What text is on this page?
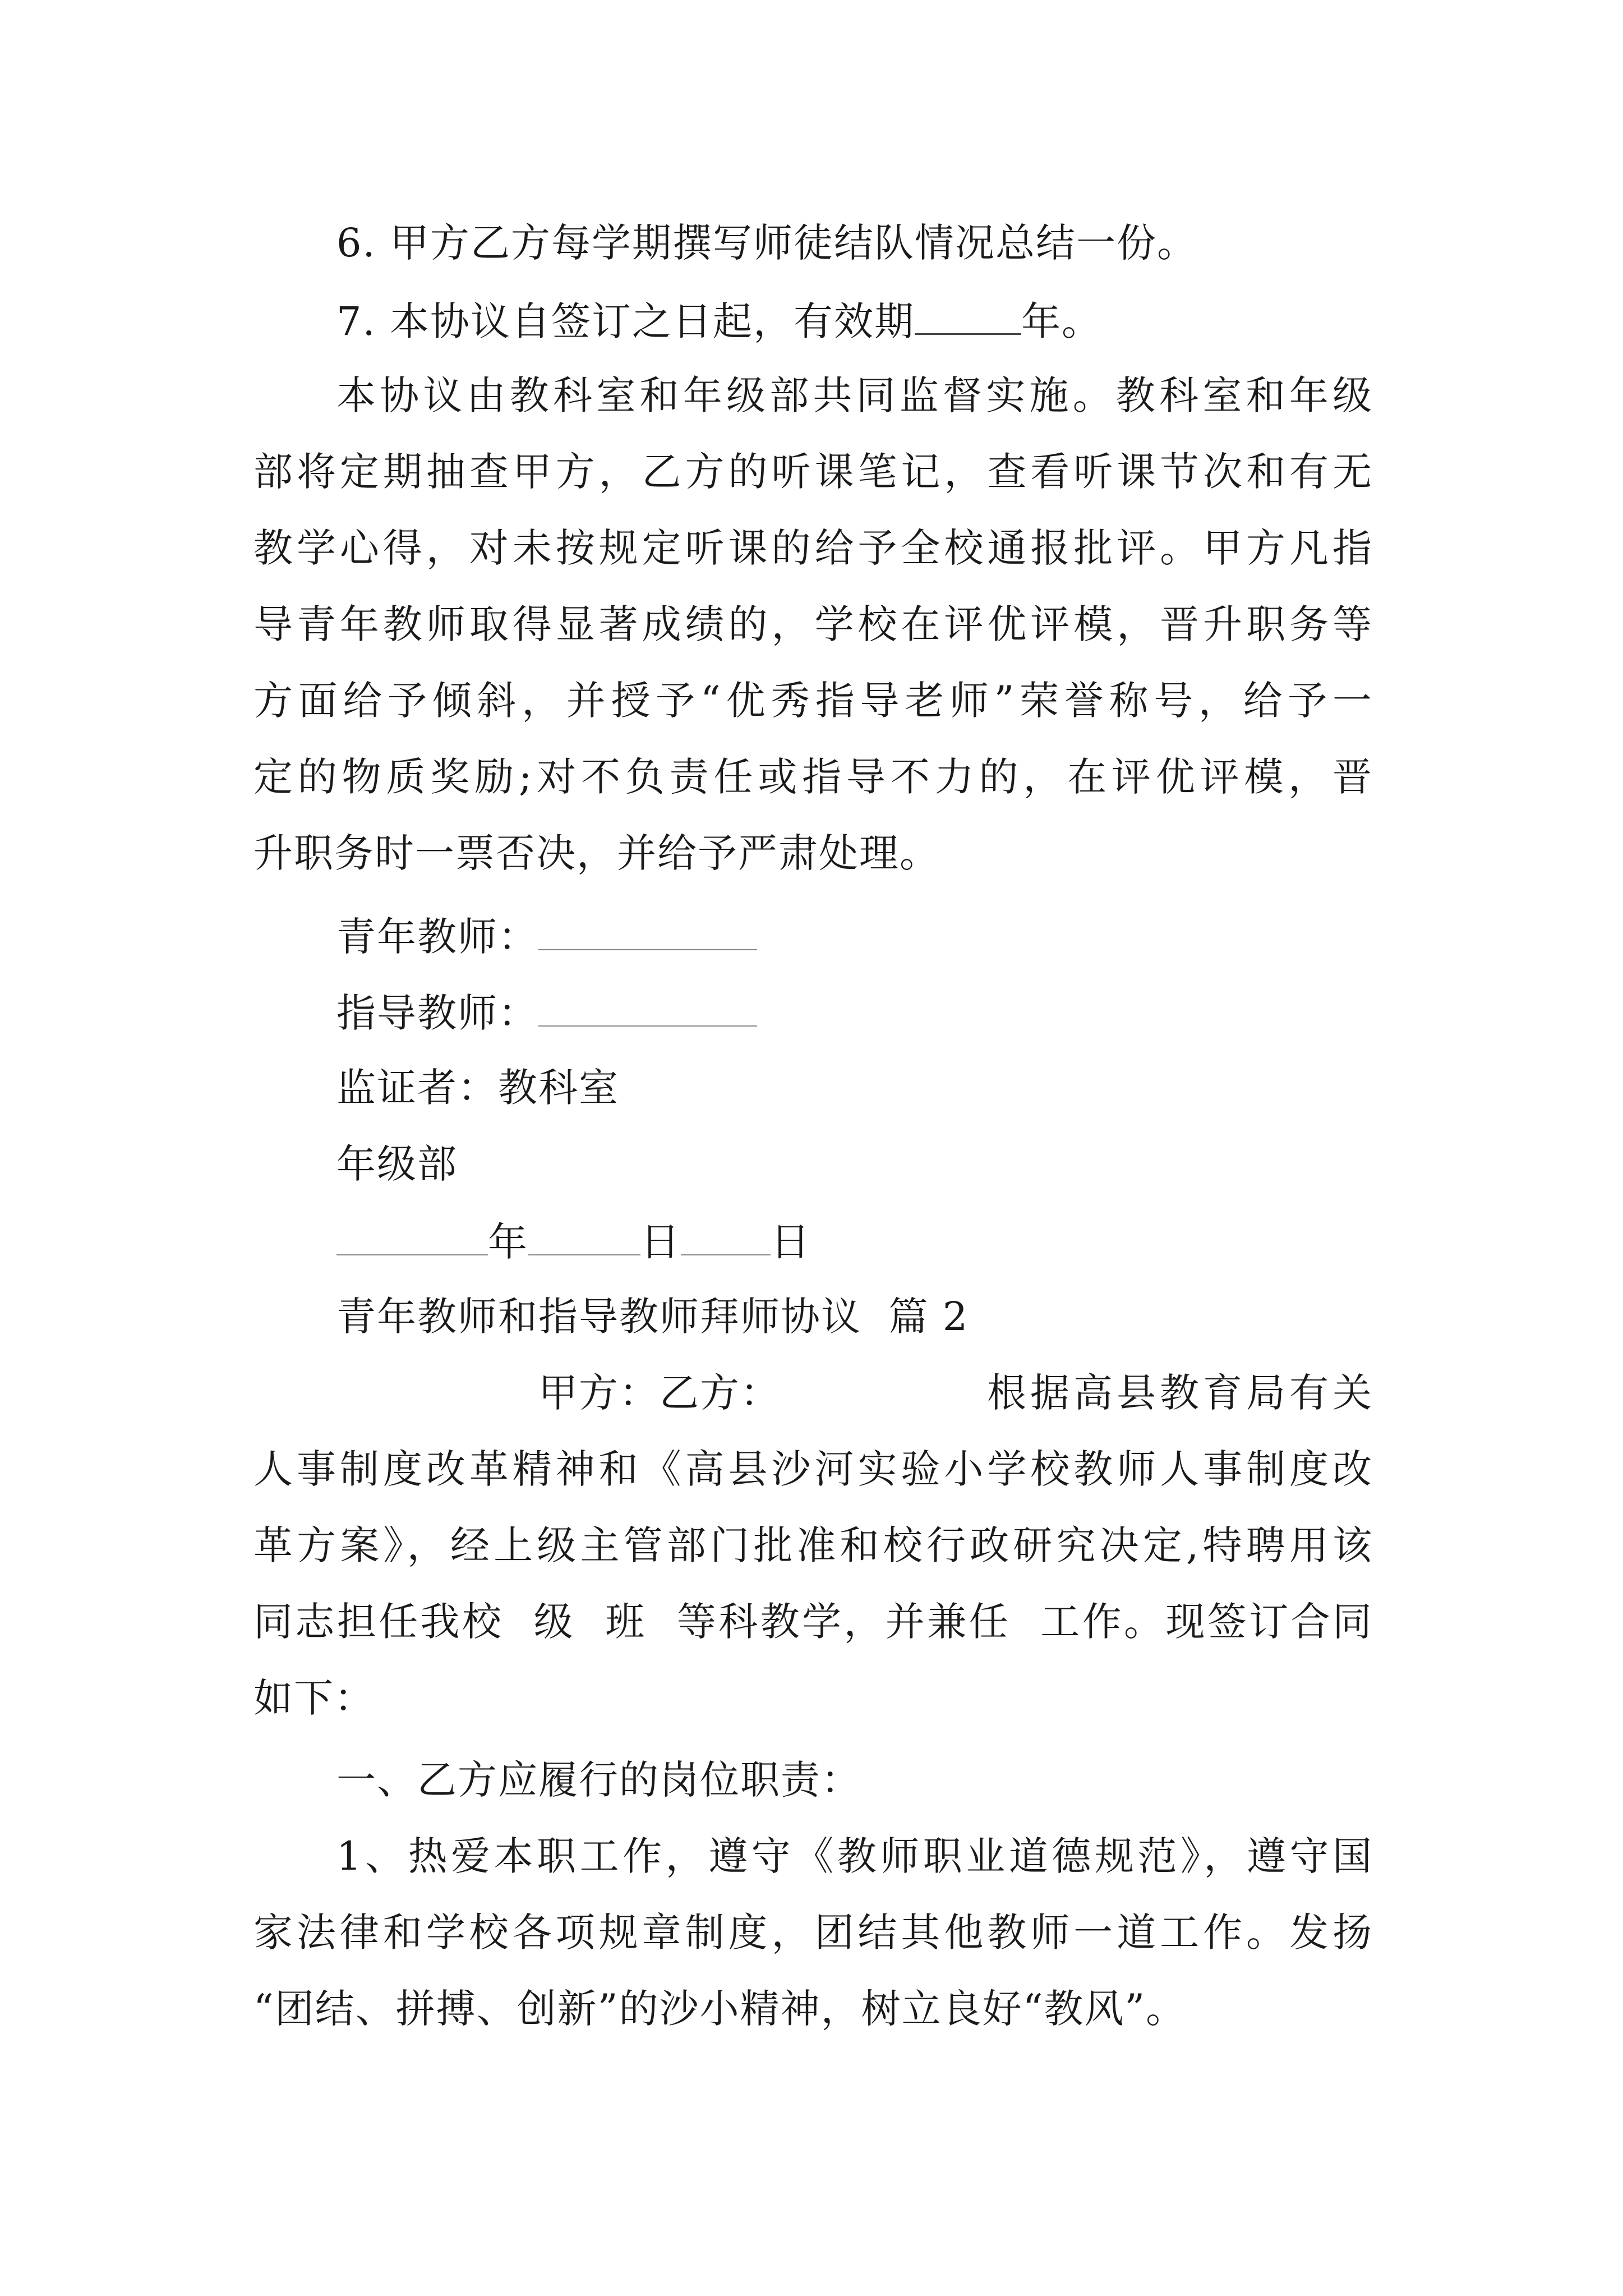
6. 甲方乙方每学期撰写师徒结队情况总结一份。
7. 本协议自签订之日起，有效期	年。
本协议由教科室和年级部共同监督实施。教科室和年级
部将定期抽查甲方，乙方的听课笔记，查看听课节次和有无
教学心得，对未按规定听课的给予全校通报批评。甲方凡指
导青年教师取得显著成绩的，学校在评优评模，晋升职务等
方面给予倾斜，并授予“优秀指导老师”荣誉称号，给予一
定的物质奖励;对不负责任或指导不力的，在评优评模，晋
升职务时一票否决，并给予严肃处理。
青年教师：
指导教师：
监证者：教科室
年级部
年	日 日
青年教师和指导教师拜师协议  篇 2
甲方：乙方：	根据高县教育局有关
人事制度改革精神和《高县沙河实验小学校教师人事制度改
革方案》，经上级主管部门批准和校行政研究决定,特聘用该
同志担任我校  级  班  等科教学，并兼任  工作。现签订合同
如下：
一、乙方应履行的岗位职责：
1、热爱本职工作，遵守《教师职业道德规范》，遵守国
家法律和学校各项规章制度，团结其他教师一道工作。发扬
“团结、拼搏、创新”的沙小精神，树立良好“教风”。
